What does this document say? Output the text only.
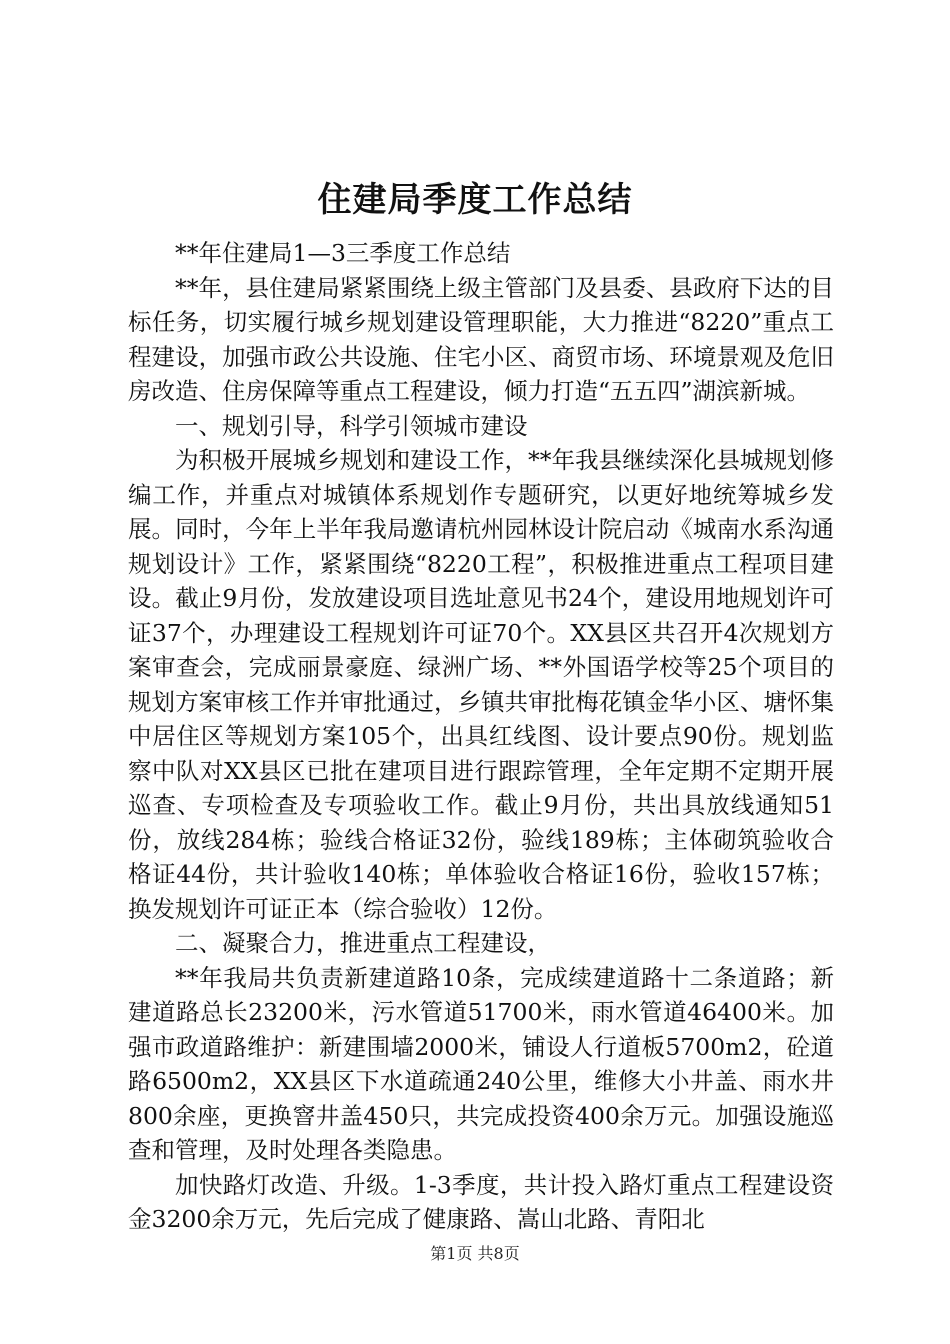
住建局季度工作总结

**年住建局1—3三季度工作总结

**年，县住建局紧紧围绕上级主管部门及县委、县政府下达的目标任务，切实履行城乡规划建设管理职能，大力推进“8220”重点工程建设，加强市政公共设施、住宅小区、商贸市场、环境景观及危旧房改造、住房保障等重点工程建设，倾力打造“五五四”湖滨新城。

一、规划引导，科学引领城市建设

为积极开展城乡规划和建设工作，**年我县继续深化县城规划修编工作，并重点对城镇体系规划作专题研究，以更好地统筹城乡发展。同时，今年上半年我局邀请杭州园林设计院启动《城南水系沟通规划设计》工作，紧紧围绕“8220工程”，积极推进重点工程项目建设。截止9月份，发放建设项目选址意见书24个，建设用地规划许可证37个，办理建设工程规划许可证70个。XX县区共召开4次规划方案审查会，完成丽景豪庭、绿洲广场、**外国语学校等25个项目的规划方案审核工作并审批通过，乡镇共审批梅花镇金华小区、塘怀集中居住区等规划方案105个，出具红线图、设计要点90份。规划监察中队对XX县区已批在建项目进行跟踪管理，全年定期不定期开展巡查、专项检查及专项验收工作。截止9月份，共出具放线通知51份，放线284栋；验线合格证32份，验线189栋；主体砌筑验收合格证44份，共计验收140栋；单体验收合格证16份，验收157栋；换发规划许可证正本（综合验收）12份。

二、凝聚合力，推进重点工程建设，

**年我局共负责新建道路10条，完成续建道路十二条道路；新建道路总长23200米，污水管道51700米，雨水管道46400米。加强市政道路维护：新建围墙2000米，铺设人行道板5700m2，砼道路6500m2，XX县区下水道疏通240公里，维修大小井盖、雨水井800余座，更换窨井盖450只，共完成投资400余万元。加强设施巡查和管理，及时处理各类隐患。

加快路灯改造、升级。1-3季度，共计投入路灯重点工程建设资金3200余万元，先后完成了健康路、嵩山北路、青阳北

第1页 共8页
